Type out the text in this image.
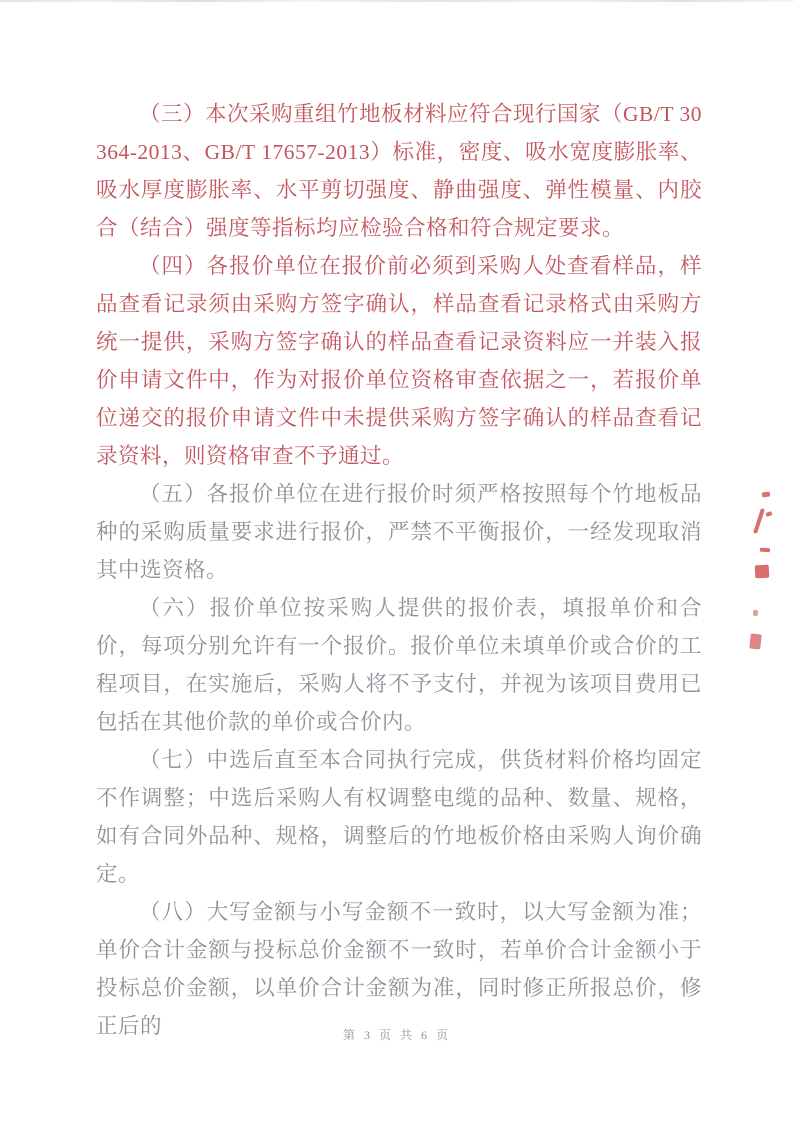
（三）本次采购重组竹地板材料应符合现行国家（GB/T 30364-2013、GB/T 17657-2013）标准，密度、吸水宽度膨胀率、吸水厚度膨胀率、水平剪切强度、静曲强度、弹性模量、内胶合（结合）强度等指标均应检验合格和符合规定要求。

（四）各报价单位在报价前必须到采购人处查看样品，样品查看记录须由采购方签字确认，样品查看记录格式由采购方统一提供，采购方签字确认的样品查看记录资料应一并装入报价申请文件中，作为对报价单位资格审查依据之一，若报价单位递交的报价申请文件中未提供采购方签字确认的样品查看记录资料，则资格审查不予通过。

（五）各报价单位在进行报价时须严格按照每个竹地板品种的采购质量要求进行报价，严禁不平衡报价，一经发现取消其中选资格。

（六）报价单位按采购人提供的报价表，填报单价和合价，每项分别允许有一个报价。报价单位未填单价或合价的工程项目，在实施后，采购人将不予支付，并视为该项目费用已包括在其他价款的单价或合价内。

（七）中选后直至本合同执行完成，供货材料价格均固定不作调整；中选后采购人有权调整电缆的品种、数量、规格，如有合同外品种、规格，调整后的竹地板价格由采购人询价确定。

（八）大写金额与小写金额不一致时，以大写金额为准；单价合计金额与投标总价金额不一致时，若单价合计金额小于投标总价金额，以单价合计金额为准，同时修正所报总价，修正后的	第 3 页 共 6 页
